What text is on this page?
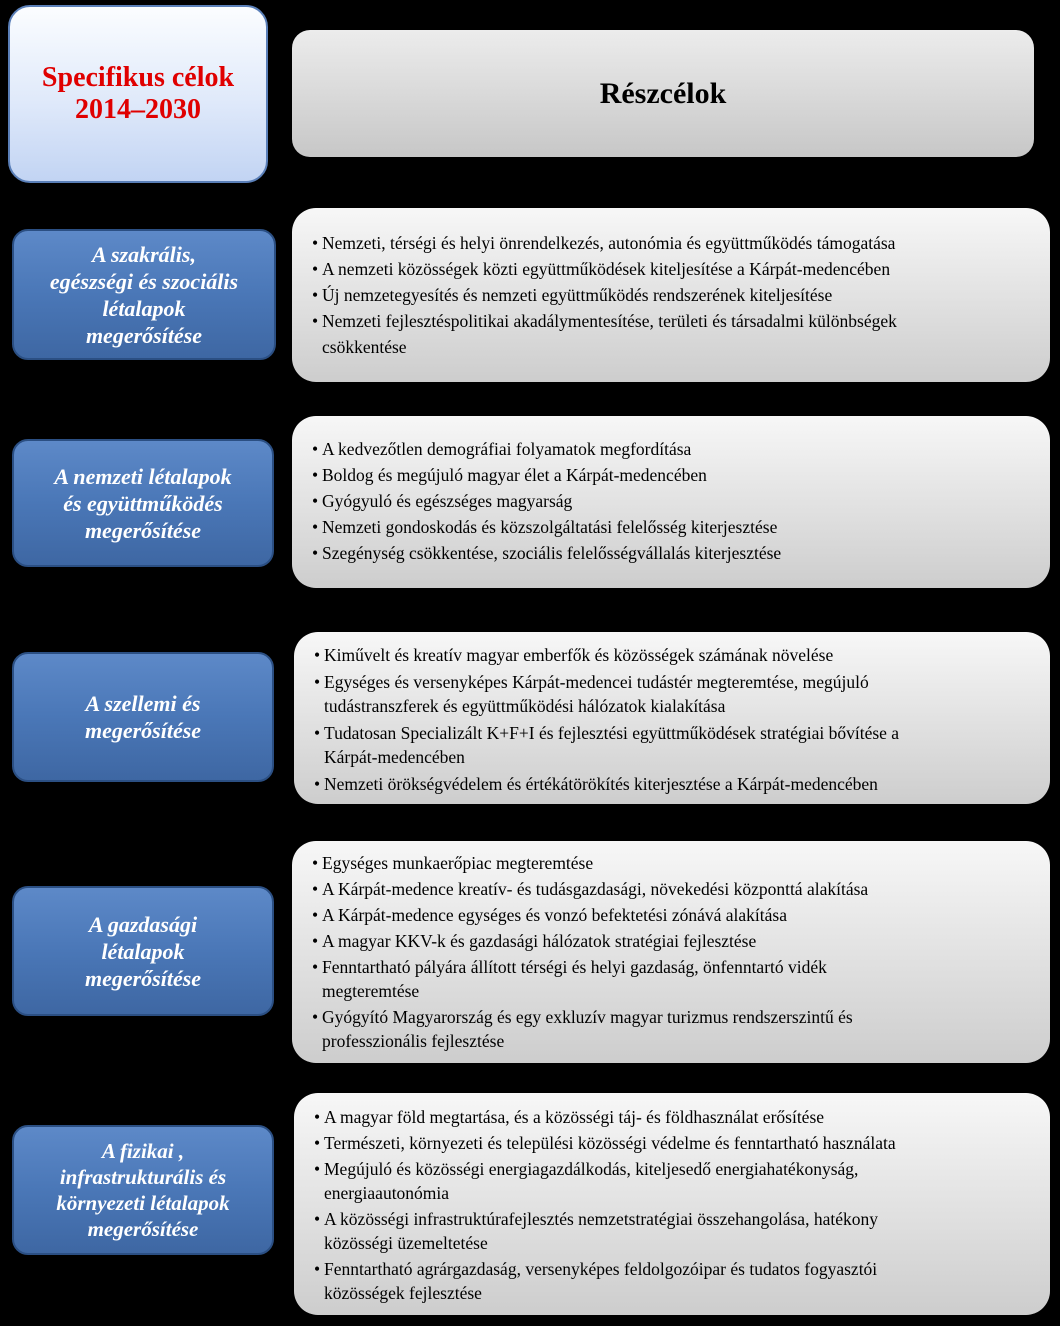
Specifikus célok
2014–2030	Részcélok
A szakrális,
egészségi és szociális
létalapok
megerősítése
• Nemzeti, térségi és helyi önrendelkezés, autonómia és együttműködés támogatása
• A nemzeti közösségek közti együttműködések kiteljesítése a Kárpát-medencében
• Új nemzetegyesítés és nemzeti együttműködés rendszerének kiteljesítése
• Nemzeti fejlesztéspolitikai akadálymentesítése, területi és társadalmi különbségek
csökkentése
A nemzeti létalapok
és együttműködés
megerősítése
• A kedvezőtlen demográfiai folyamatok megfordítása
• Boldog és megújuló magyar élet a Kárpát-medencében
• Gyógyuló és egészséges magyarság
• Nemzeti gondoskodás és közszolgáltatási felelősség kiterjesztése
• Szegénység csökkentése, szociális felelősségvállalás kiterjesztése
A szellemi és
megerősítése
• Kiművelt és kreatív magyar emberfők és közösségek számának növelése
• Egységes és versenyképes Kárpát-medencei tudástér megteremtése, megújuló
tudástranszferek és együttműködési hálózatok kialakítása
• Tudatosan Specializált K+F+I és fejlesztési együttműködések stratégiai bővítése a
Kárpát-medencében
• Nemzeti örökségvédelem és értékátörökítés kiterjesztése a Kárpát-medencében
A gazdasági
létalapok
megerősítése
• Egységes munkaerőpiac megteremtése
• A Kárpát-medence kreatív- és tudásgazdasági, növekedési központtá alakítása
• A Kárpát-medence egységes és vonzó befektetési zónává alakítása
• A magyar KKV-k és gazdasági hálózatok stratégiai fejlesztése
• Fenntartható pályára állított térségi és helyi gazdaság, önfenntartó vidék
megteremtése
• Gyógyító Magyarország és egy exkluzív magyar turizmus rendszerszintű és
professzionális fejlesztése
A fizikai ,
infrastrukturális és
környezeti létalapok
megerősítése
• A magyar föld megtartása, és a közösségi táj- és földhasználat erősítése
• Természeti, környezeti és települési közösségi védelme és fenntartható használata
• Megújuló és közösségi energiagazdálkodás, kiteljesedő energiahatékonyság,
energiaautonómia
• A közösségi infrastruktúrafejlesztés nemzetstratégiai összehangolása, hatékony
közösségi üzemeltetése
• Fenntartható agrárgazdaság, versenyképes feldolgozóipar és tudatos fogyasztói
közösségek fejlesztése
